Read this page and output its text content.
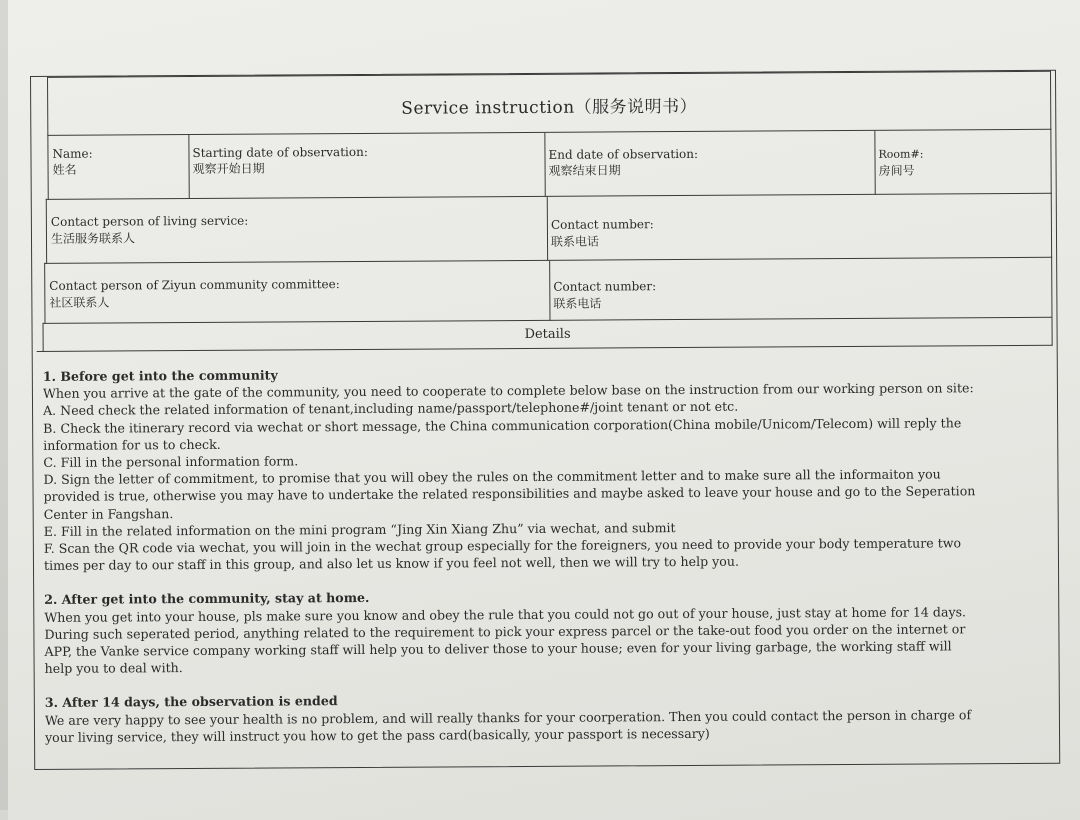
Service instruction（服务说明书）
Name:
姓名
Starting date of observation:
观察开始日期
End date of observation:
观察结束日期
Room#:
房间号
Contact person of living service:
生活服务联系人
Contact number:
联系电话
Contact person of Ziyun community committee:
社区联系人
Contact number:
联系电话
Details

1. Before get into the community

When you arrive at the gate of the community, you need to cooperate to complete below base on the instruction from our working person on site:

A. Need check the related information of tenant,including name/passport/telephone#/joint tenant or not etc.

B. Check the itinerary record via wechat or short message, the China communication corporation(China mobile/Unicom/Telecom) will reply the

information for us to check.

C. Fill in the personal information form.

D. Sign the letter of commitment, to promise that you will obey the rules on the commitment letter and to make sure all the informaiton you

provided is true, otherwise you may have to undertake the related responsibilities and maybe asked to leave your house and go to the Seperation

Center in Fangshan.

E. Fill in the related information on the mini program “Jing Xin Xiang Zhu” via wechat, and submit

F. Scan the QR code via wechat, you will join in the wechat group especially for the foreigners, you need to provide your body temperature two

times per day to our staff in this group, and also let us know if you feel not well, then we will try to help you.

2. After get into the community, stay at home.

When you get into your house, pls make sure you know and obey the rule that you could not go out of your house, just stay at home for 14 days.

During such seperated period, anything related to the requirement to pick your express parcel or the take-out food you order on the internet or

APP, the Vanke service company working staff will help you to deliver those to your house; even for your living garbage, the working staff will

help you to deal with.

3. After 14 days, the observation is ended

We are very happy to see your health is no problem, and will really thanks for your coorperation. Then you could contact the person in charge of

your living service, they will instruct you how to get the pass card(basically, your passport is necessary)
